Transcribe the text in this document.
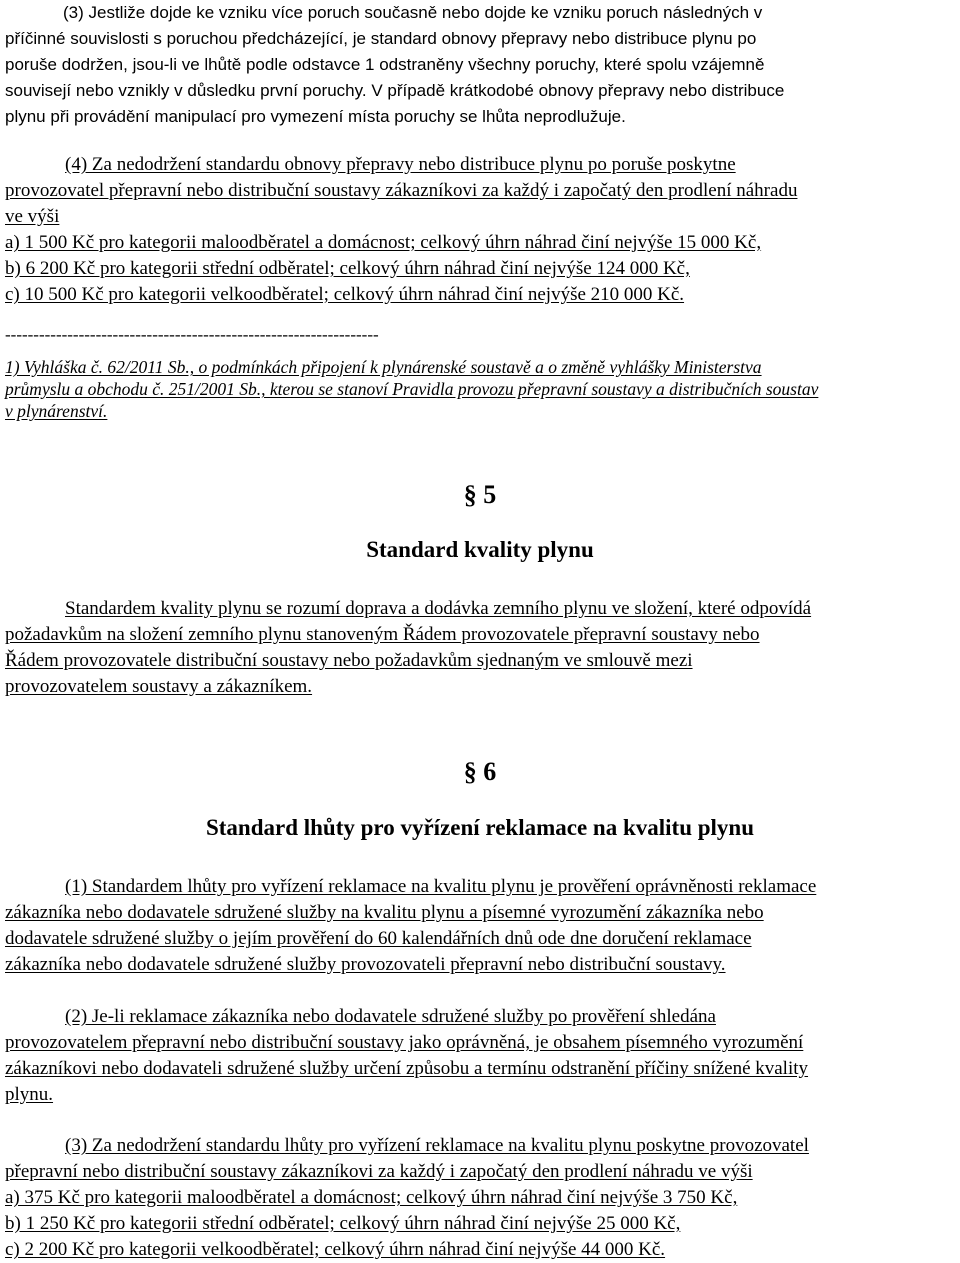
(3) Jestliže dojde ke vzniku více poruch současně nebo dojde ke vzniku poruch následných v
příčinné souvislosti s poruchou předcházející, je standard obnovy přepravy nebo distribuce plynu po
poruše dodržen, jsou-li ve lhůtě podle odstavce 1 odstraněny všechny poruchy, které spolu vzájemně
souvisejí nebo vznikly v důsledku první poruchy. V případě krátkodobé obnovy přepravy nebo distribuce
plynu při provádění manipulací pro vymezení místa poruchy se lhůta neprodlužuje.
(4) Za nedodržení standardu obnovy přepravy nebo distribuce plynu po poruše poskytne
provozovatel přepravní nebo distribuční soustavy zákazníkovi za každý i započatý den prodlení náhradu
ve výši
a) 1 500 Kč pro kategorii maloodběratel a domácnost; celkový úhrn náhrad činí nejvýše 15 000 Kč,
b) 6 200 Kč pro kategorii střední odběratel; celkový úhrn náhrad činí nejvýše 124 000 Kč,
c) 10 500 Kč pro kategorii velkoodběratel; celkový úhrn náhrad činí nejvýše 210 000 Kč.
------------------------------------------------------------------
1) Vyhláška č. 62/2011 Sb., o podmínkách připojení k plynárenské soustavě a o změně vyhlášky Ministerstva
průmyslu a obchodu č. 251/2001 Sb., kterou se stanoví Pravidla provozu přepravní soustavy a distribučních soustav
v plynárenství.
§ 5
Standard kvality plynu
Standardem kvality plynu se rozumí doprava a dodávka zemního plynu ve složení, které odpovídá
požadavkům na složení zemního plynu stanoveným Řádem provozovatele přepravní soustavy nebo
Řádem provozovatele distribuční soustavy nebo požadavkům sjednaným ve smlouvě mezi
provozovatelem soustavy a zákazníkem.
§ 6
Standard lhůty pro vyřízení reklamace na kvalitu plynu
(1) Standardem lhůty pro vyřízení reklamace na kvalitu plynu je prověření oprávněnosti reklamace
zákazníka nebo dodavatele sdružené služby na kvalitu plynu a písemné vyrozumění zákazníka nebo
dodavatele sdružené služby o jejím prověření do 60 kalendářních dnů ode dne doručení reklamace
zákazníka nebo dodavatele sdružené služby provozovateli přepravní nebo distribuční soustavy.
(2) Je-li reklamace zákazníka nebo dodavatele sdružené služby po prověření shledána
provozovatelem přepravní nebo distribuční soustavy jako oprávněná, je obsahem písemného vyrozumění
zákazníkovi nebo dodavateli sdružené služby určení způsobu a termínu odstranění příčiny snížené kvality
plynu.
(3) Za nedodržení standardu lhůty pro vyřízení reklamace na kvalitu plynu poskytne provozovatel
přepravní nebo distribuční soustavy zákazníkovi za každý i započatý den prodlení náhradu ve výši
a) 375 Kč pro kategorii maloodběratel a domácnost; celkový úhrn náhrad činí nejvýše 3 750 Kč,
b) 1 250 Kč pro kategorii střední odběratel; celkový úhrn náhrad činí nejvýše 25 000 Kč,
c) 2 200 Kč pro kategorii velkoodběratel; celkový úhrn náhrad činí nejvýše 44 000 Kč.
